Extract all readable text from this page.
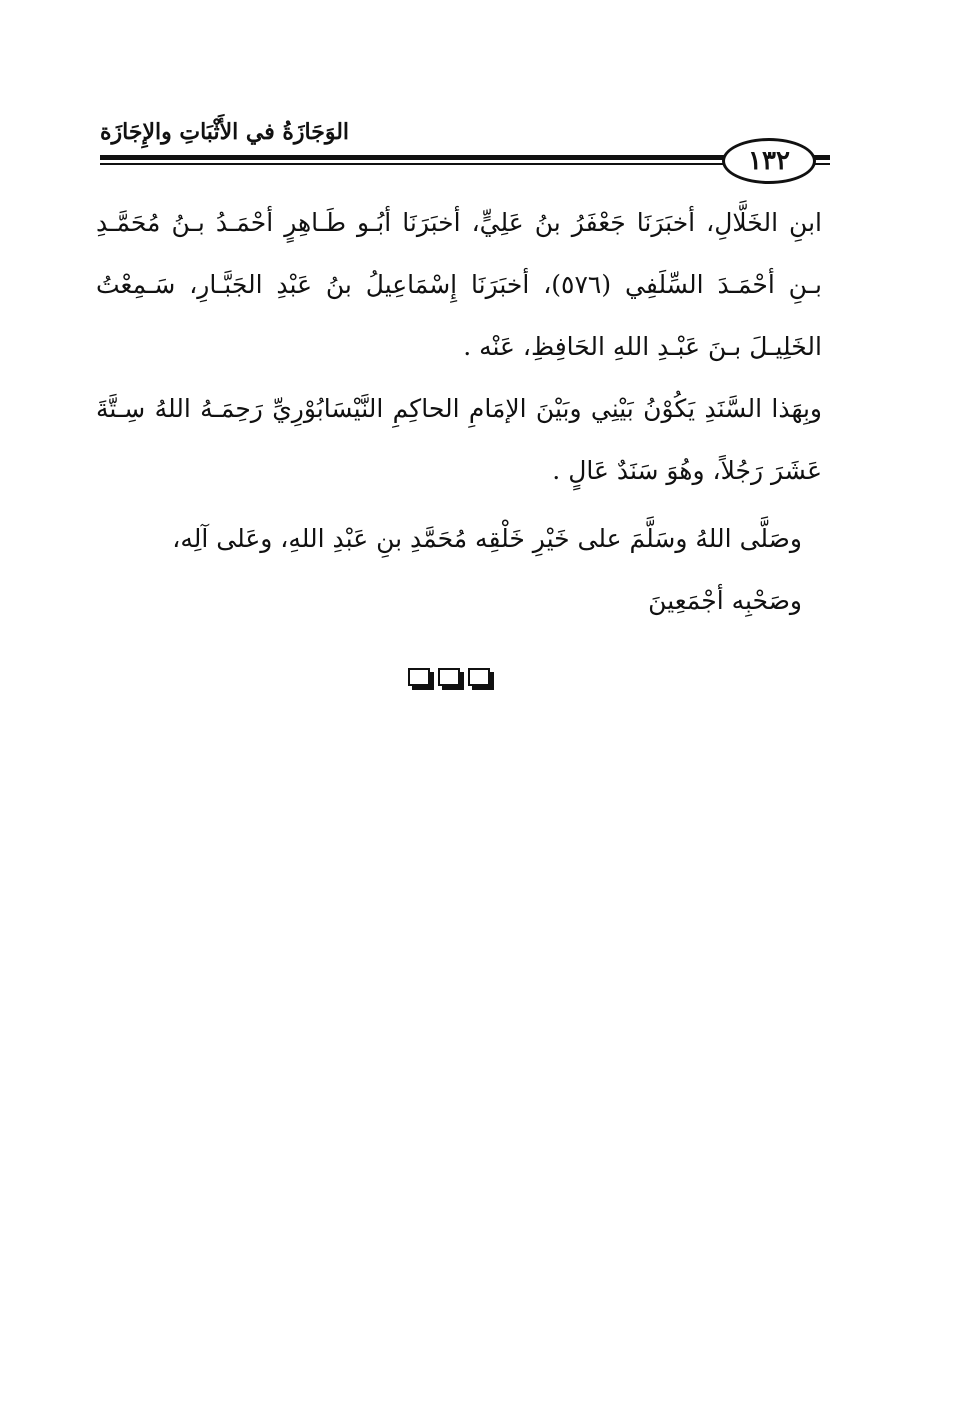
الوَجَازَةُ في الأَثْبَاتِ والإِجَازَة
١٣٢
ابنِ الخَلَّالِ، أخبَرَنَا جَعْفَرُ بنُ عَلِيٍّ، أخبَرَنَا أبُـو طَـاهِرٍ أحْمَـدُ بـنُ مُحَمَّـدِ بـنِ أحْمَـدَ السِّلَفِي (٥٧٦)، أخبَرَنَا إِسْمَاعِيلُ بنُ عَبْدِ الجَبَّـارِ، سَـمِعْتُ الخَلِيـلَ بـنَ عَبْـدِ اللهِ الحَافِظِ، عَنْه .
وبِهَذا السَّنَدِ يَكُوْنُ بَيْنِي وبَيْنَ الإمَامِ الحاكِمِ النَّيْسَابُوْرِيِّ رَحِمَـهُ اللهُ سِـتَّةَ عَشَرَ رَجُلاً، وهُوَ سَنَدٌ عَالٍ .
وصَلَّى اللهُ وسَلَّمَ على خَيْرِ خَلْقِه مُحَمَّدِ بنِ عَبْدِ اللهِ، وعَلى آلِه، وصَحْبِه أجْمَعِينَ
